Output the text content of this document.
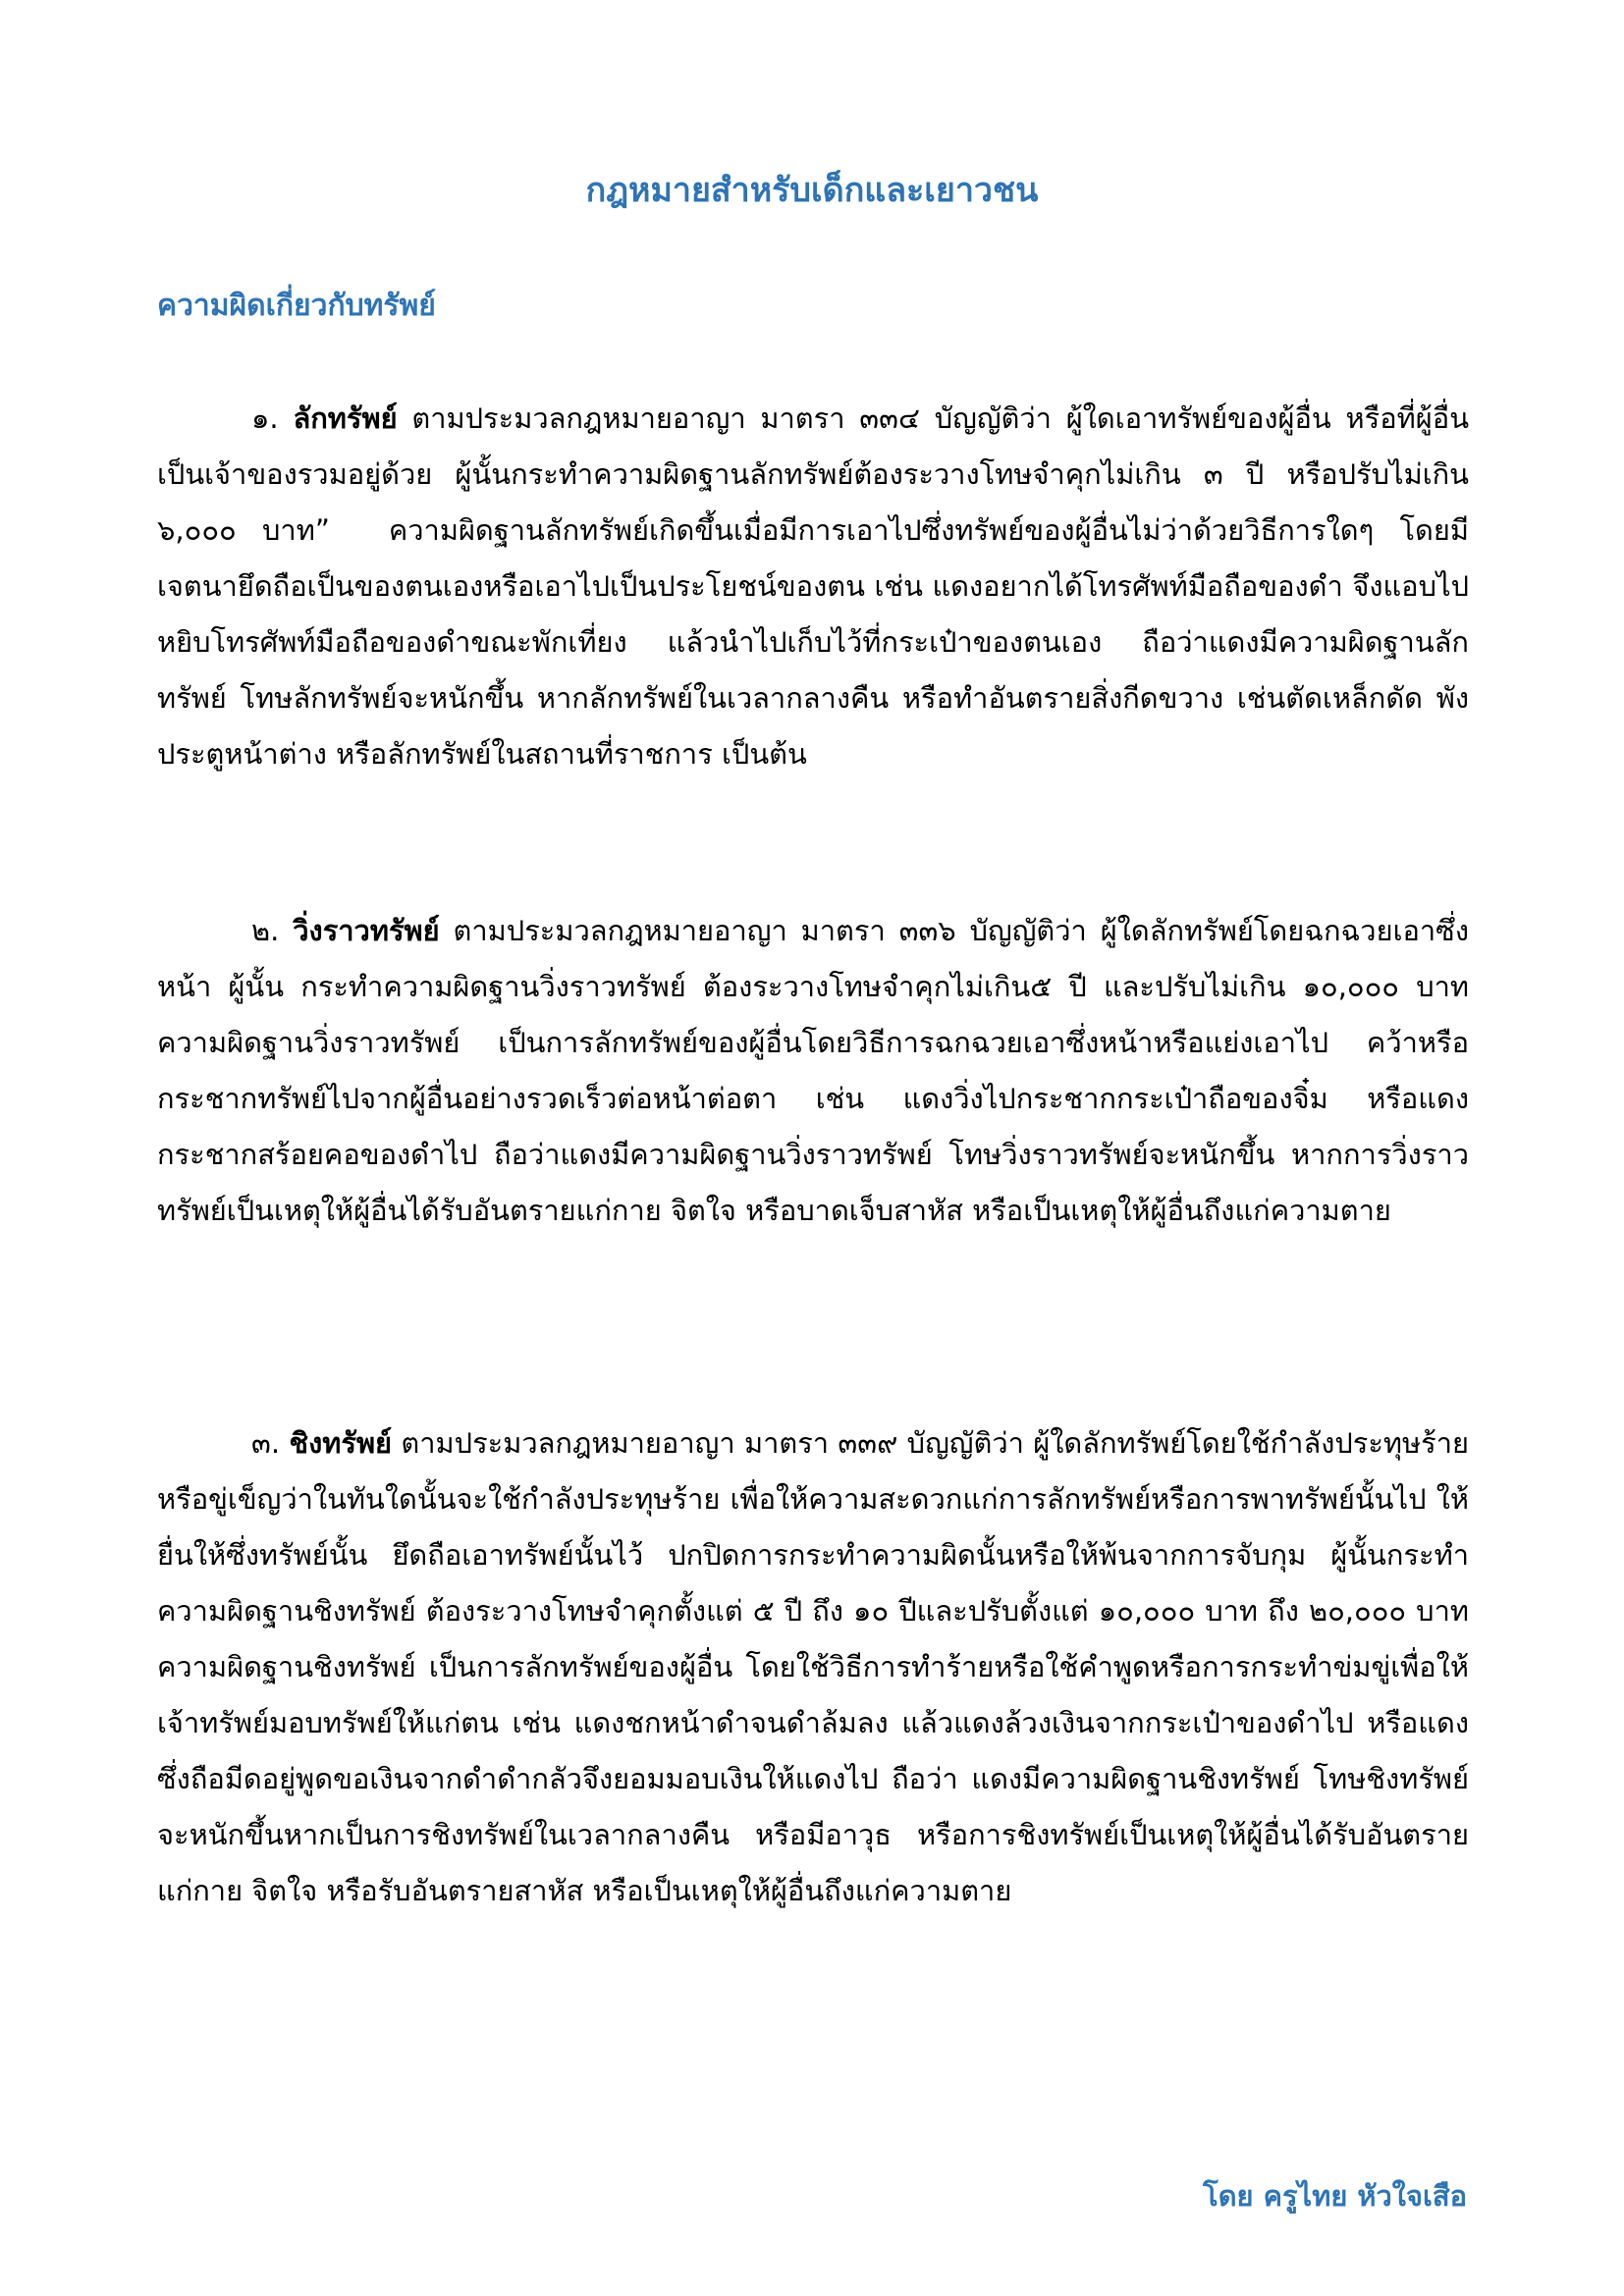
กฎหมายสำหรับเด็กและเยาวชน
ความผิดเกี่ยวกับทรัพย์

๑. ลักทรัพย์ ตามประมวลกฎหมายอาญา มาตรา ๓๓๔ บัญญัติว่า ผู้ใดเอาทรัพย์ของผู้อื่น หรือที่ผู้อื่นเป็นเจ้าของรวมอยู่ด้วย ผู้นั้นกระทำความผิดฐานลักทรัพย์ต้องระวางโทษจำคุกไม่เกิน ๓ ปี หรือปรับไม่เกิน ๖,๐๐๐ บาท” ความผิดฐานลักทรัพย์เกิดขึ้นเมื่อมีการเอาไปซึ่งทรัพย์ของผู้อื่นไม่ว่าด้วยวิธีการใดๆ โดยมีเจตนายึดถือเป็นของตนเองหรือเอาไปเป็นประโยชน์ของตน เช่น แดงอยากได้โทรศัพท์มือถือของดำ จึงแอบไปหยิบโทรศัพท์มือถือของดำขณะพักเที่ยง แล้วนำไปเก็บไว้ที่กระเป๋าของตนเอง ถือว่าแดงมีความผิดฐานลักทรัพย์ โทษลักทรัพย์จะหนักขึ้น หากลักทรัพย์ในเวลากลางคืน หรือทำอันตรายสิ่งกีดขวาง เช่นตัดเหล็กดัด พังประตูหน้าต่าง หรือลักทรัพย์ในสถานที่ราชการ เป็นต้น

๒. วิ่งราวทรัพย์ ตามประมวลกฎหมายอาญา มาตรา ๓๓๖ บัญญัติว่า ผู้ใดลักทรัพย์โดยฉกฉวยเอาซึ่งหน้า ผู้นั้น กระทำความผิดฐานวิ่งราวทรัพย์ ต้องระวางโทษจำคุกไม่เกิน๕ ปี และปรับไม่เกิน ๑๐,๐๐๐ บาท ความผิดฐานวิ่งราวทรัพย์ เป็นการลักทรัพย์ของผู้อื่นโดยวิธีการฉกฉวยเอาซึ่งหน้าหรือแย่งเอาไป คว้าหรือกระชากทรัพย์ไปจากผู้อื่นอย่างรวดเร็วต่อหน้าต่อตา เช่น แดงวิ่งไปกระชากกระเป๋าถือของจิ๋ม หรือแดงกระชากสร้อยคอของดำไป ถือว่าแดงมีความผิดฐานวิ่งราวทรัพย์ โทษวิ่งราวทรัพย์จะหนักขึ้น หากการวิ่งราวทรัพย์เป็นเหตุให้ผู้อื่นได้รับอันตรายแก่กาย จิตใจ หรือบาดเจ็บสาหัส หรือเป็นเหตุให้ผู้อื่นถึงแก่ความตาย

๓. ชิงทรัพย์ ตามประมวลกฎหมายอาญา มาตรา ๓๓๙ บัญญัติว่า ผู้ใดลักทรัพย์โดยใช้กำลังประทุษร้ายหรือขู่เข็ญว่าในทันใดนั้นจะใช้กำลังประทุษร้าย เพื่อให้ความสะดวกแก่การลักทรัพย์หรือการพาทรัพย์นั้นไป ให้ยื่นให้ซึ่งทรัพย์นั้น ยึดถือเอาทรัพย์นั้นไว้ ปกปิดการกระทำความผิดนั้นหรือให้พ้นจากการจับกุม ผู้นั้นกระทำความผิดฐานชิงทรัพย์ ต้องระวางโทษจำคุกตั้งแต่ ๕ ปี ถึง ๑๐ ปีและปรับตั้งแต่ ๑๐,๐๐๐ บาท ถึง ๒๐,๐๐๐ บาท ความผิดฐานชิงทรัพย์ เป็นการลักทรัพย์ของผู้อื่น โดยใช้วิธีการทำร้ายหรือใช้คำพูดหรือการกระทำข่มขู่เพื่อให้เจ้าทรัพย์มอบทรัพย์ให้แก่ตน เช่น แดงชกหน้าดำจนดำล้มลง แล้วแดงล้วงเงินจากกระเป๋าของดำไป หรือแดงซึ่งถือมีดอยู่พูดขอเงินจากดำดำกลัวจึงยอมมอบเงินให้แดงไป ถือว่า แดงมีความผิดฐานชิงทรัพย์ โทษชิงทรัพย์จะหนักขึ้นหากเป็นการชิงทรัพย์ในเวลากลางคืน หรือมีอาวุธ หรือการชิงทรัพย์เป็นเหตุให้ผู้อื่นได้รับอันตรายแก่กาย จิตใจ หรือรับอันตรายสาหัส หรือเป็นเหตุให้ผู้อื่นถึงแก่ความตาย

โดย ครูไทย หัวใจเสือ
